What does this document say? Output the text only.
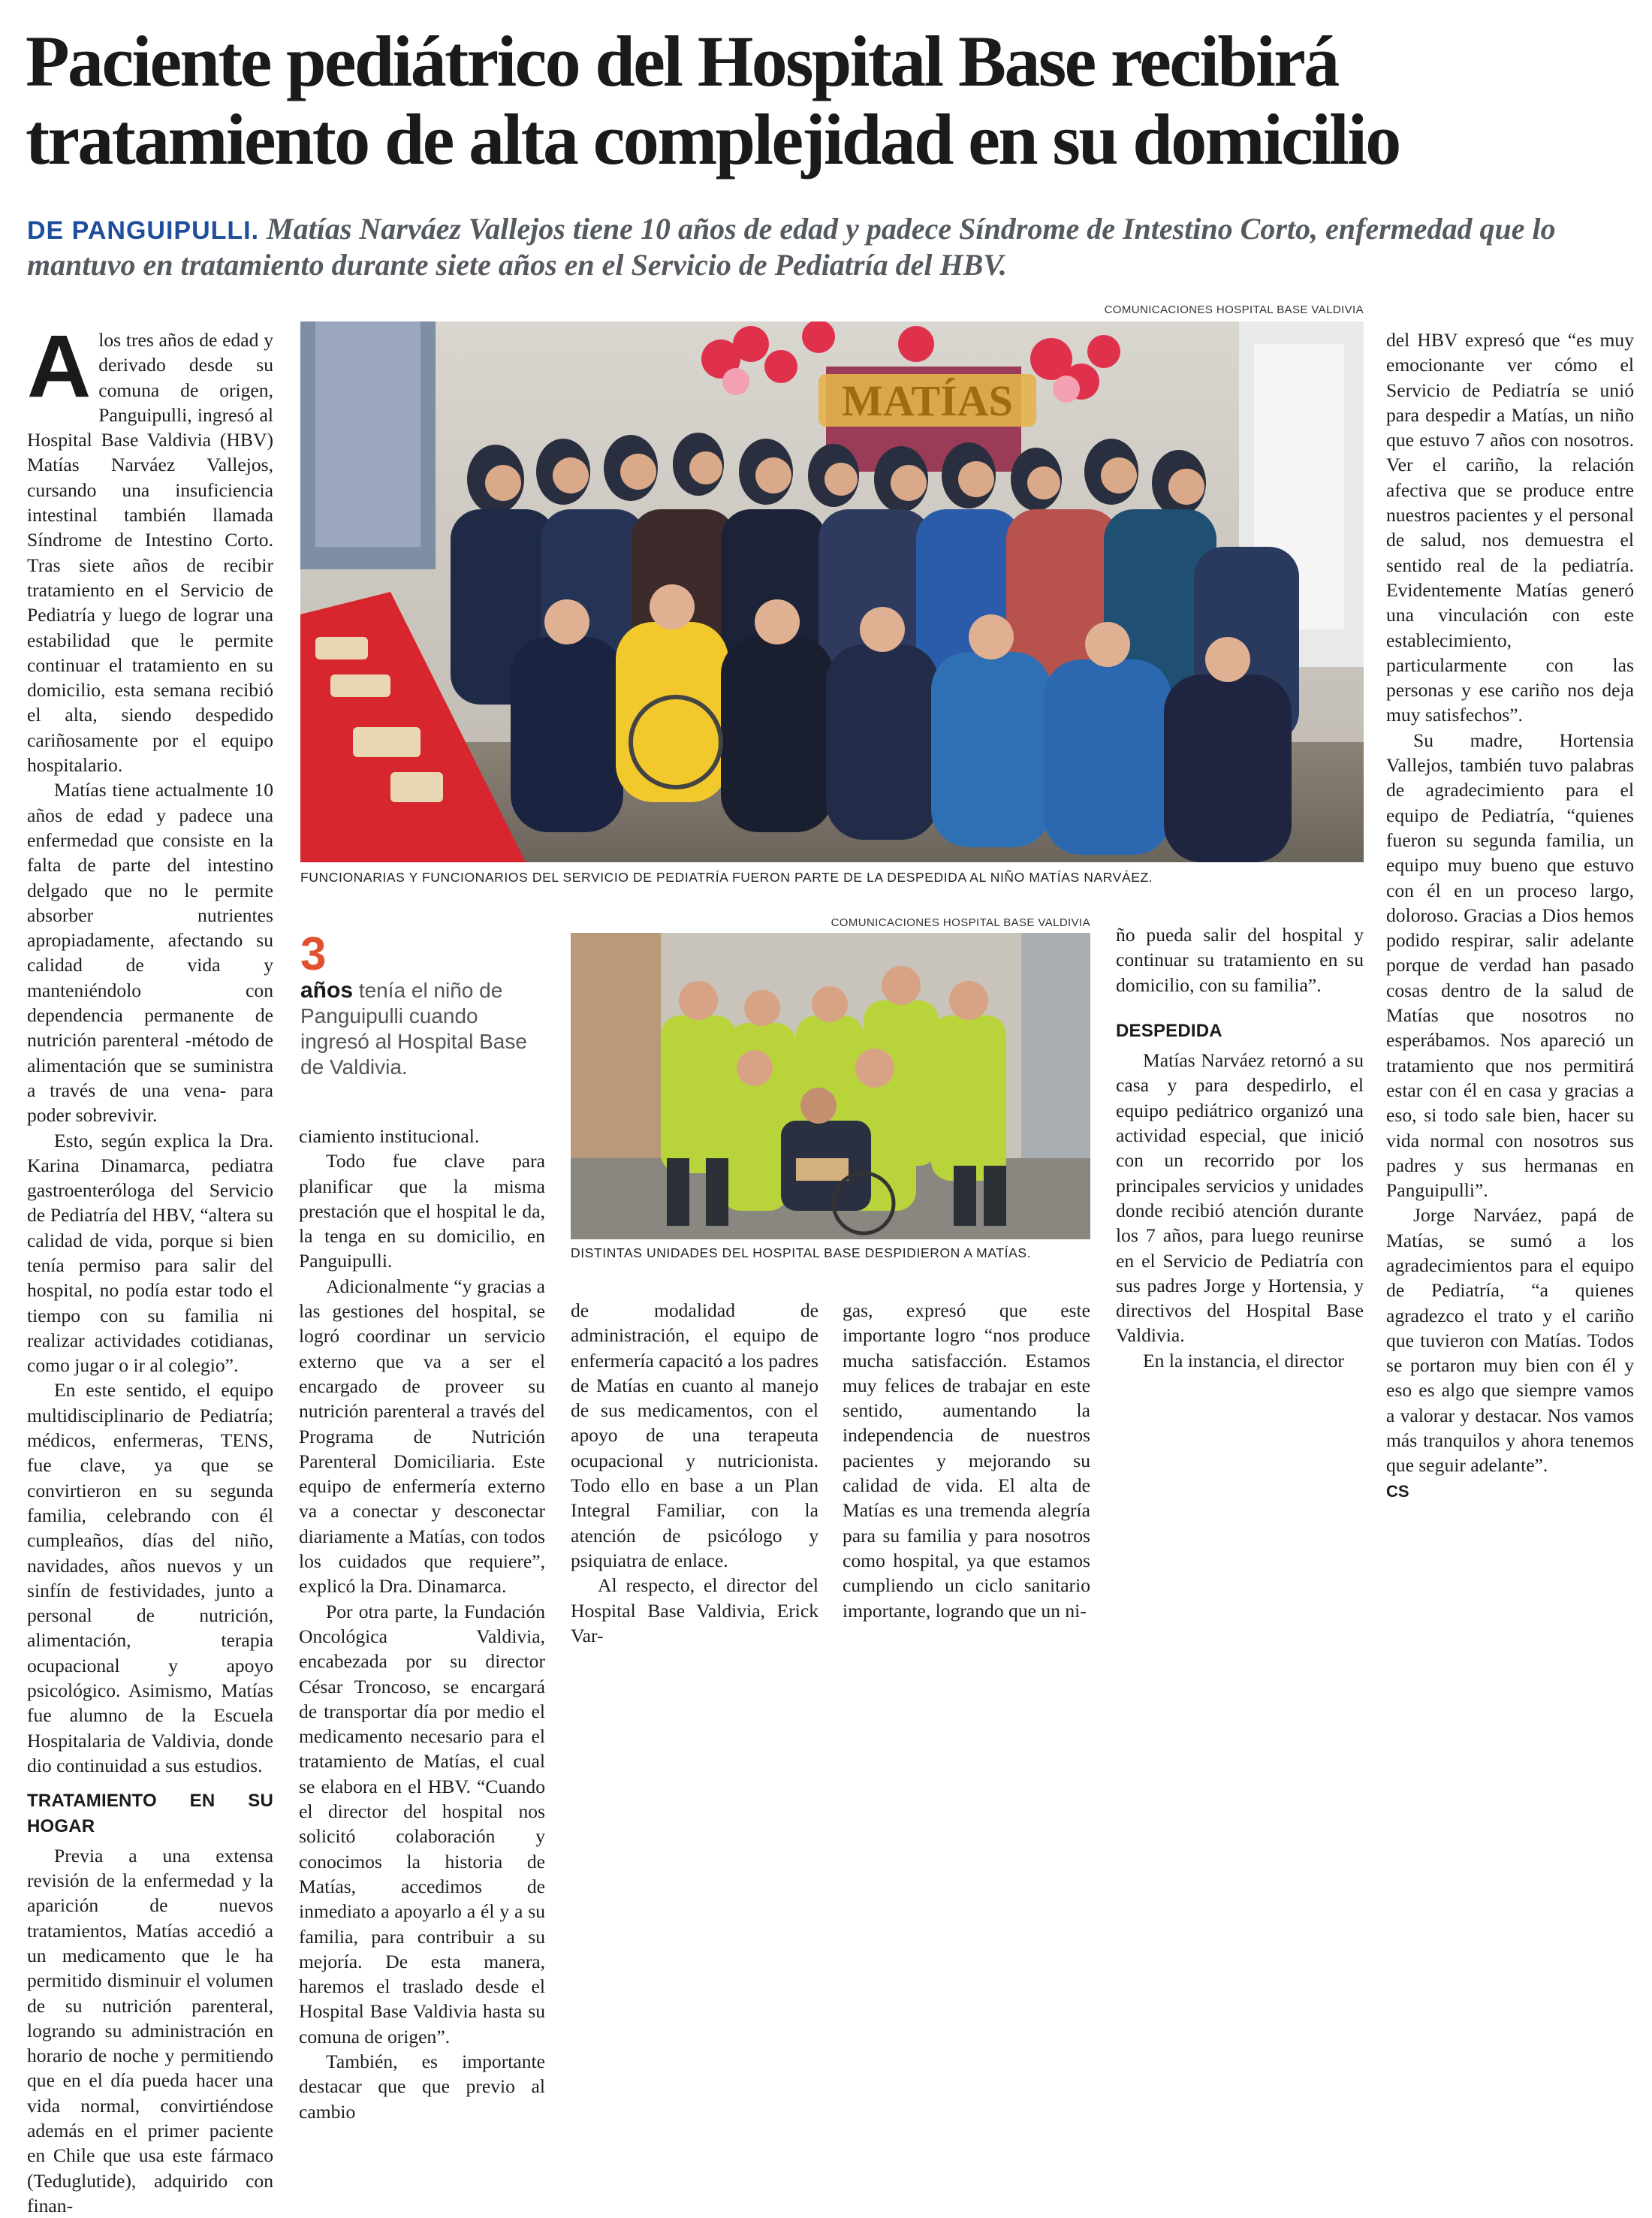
Paciente pediátrico del Hospital Base recibirá tratamiento de alta complejidad en su domicilio

DE PANGUIPULLI. Matías Narváez Vallejos tiene 10 años de edad y padece Síndrome de Intestino Corto, enfermedad que lo mantuvo en tratamiento durante siete años en el Servicio de Pediatría del HBV.

A los tres años de edad y derivado desde su comuna de origen, Panguipulli, ingresó al Hospital Base Valdivia (HBV) Matías Narváez Vallejos, cursando una insuficiencia intestinal también llamada Síndrome de Intestino Corto. Tras siete años de recibir tratamiento en el Servicio de Pediatría y luego de lograr una estabilidad que le permite continuar el tratamiento en su domicilio, esta semana recibió el alta, siendo despedido cariñosamente por el equipo hospitalario.

Matías tiene actualmente 10 años de edad y padece una enfermedad que consiste en la falta de parte del intestino delgado que no le permite absorber nutrientes apropiadamente, afectando su calidad de vida y manteniéndolo con dependencia permanente de nutrición parenteral -método de alimentación que se suministra a través de una vena- para poder sobrevivir.

Esto, según explica la Dra. Karina Dinamarca, pediatra gastroenteróloga del Servicio de Pediatría del HBV, “altera su calidad de vida, porque si bien tenía permiso para salir del hospital, no podía estar todo el tiempo con su familia ni realizar actividades cotidianas, como jugar o ir al colegio”.

En este sentido, el equipo multidisciplinario de Pediatría; médicos, enfermeras, TENS, fue clave, ya que se convirtieron en su segunda familia, celebrando con él cumpleaños, días del niño, navidades, años nuevos y un sinfín de festividades, junto a personal de nutrición, alimentación, terapia ocupacional y apoyo psicológico. Asimismo, Matías fue alumno de la Escuela Hospitalaria de Valdivia, donde dio continuidad a sus estudios.

TRATAMIENTO EN SU HOGAR

Previa a una extensa revisión de la enfermedad y la aparición de nuevos tratamientos, Matías accedió a un medicamento que le ha permitido disminuir el volumen de su nutrición parenteral, logrando su administración en horario de noche y permitiendo que en el día pueda hacer una vida normal, convirtiéndose además en el primer paciente en Chile que usa este fármaco (Teduglutide), adquirido con finan-

COMUNICACIONES HOSPITAL BASE VALDIVIA
MATÍAS
FUNCIONARIAS Y FUNCIONARIOS DEL SERVICIO DE PEDIATRÍA FUERON PARTE DE LA DESPEDIDA AL NIÑO MATÍAS NARVÁEZ.
3
años tenía el niño de Panguipulli cuando ingresó al Hospital Base de Valdivia.
COMUNICACIONES HOSPITAL BASE VALDIVIA
DISTINTAS UNIDADES DEL HOSPITAL BASE DESPIDIERON A MATÍAS.

ciamiento institucional.

Todo fue clave para planificar que la misma prestación que el hospital le da, la tenga en su domicilio, en Panguipulli.

Adicionalmente “y gracias a las gestiones del hospital, se logró coordinar un servicio externo que va a ser el encargado de proveer su nutrición parenteral a través del Programa de Nutrición Parenteral Domiciliaria. Este equipo de enfermería externo va a conectar y desconectar diariamente a Matías, con todos los cuidados que requiere”, explicó la Dra. Dinamarca.

Por otra parte, la Fundación Oncológica Valdivia, encabezada por su director César Troncoso, se encargará de transportar día por medio el medicamento necesario para el tratamiento de Matías, el cual se elabora en el HBV. “Cuando el director del hospital nos solicitó colaboración y conocimos la historia de Matías, accedimos de inmediato a apoyarlo a él y a su familia, para contribuir a su mejoría. De esta manera, haremos el traslado desde el Hospital Base Valdivia hasta su comuna de origen”.

También, es importante destacar que que previo al cambio

de modalidad de administración, el equipo de enfermería capacitó a los padres de Matías en cuanto al manejo de sus medicamentos, con el apoyo de una terapeuta ocupacional y nutricionista. Todo ello en base a un Plan Integral Familiar, con la atención de psicólogo y psiquiatra de enlace.

Al respecto, el director del Hospital Base Valdivia, Erick Var-

gas, expresó que este importante logro “nos produce mucha satisfacción. Estamos muy felices de trabajar en este sentido, aumentando la independencia de nuestros pacientes y mejorando su calidad de vida. El alta de Matías es una tremenda alegría para su familia y para nosotros como hospital, ya que estamos cumpliendo un ciclo sanitario importante, logrando que un ni-

ño pueda salir del hospital y continuar su tratamiento en su domicilio, con su familia”.

DESPEDIDA

Matías Narváez retornó a su casa y para despedirlo, el equipo pediátrico organizó una actividad especial, que inició con un recorrido por los principales servicios y unidades donde recibió atención durante los 7 años, para luego reunirse en el Servicio de Pediatría con sus padres Jorge y Hortensia, y directivos del Hospital Base Valdivia.

En la instancia, el director

del HBV expresó que “es muy emocionante ver cómo el Servicio de Pediatría se unió para despedir a Matías, un niño que estuvo 7 años con nosotros. Ver el cariño, la relación afectiva que se produce entre nuestros pacientes y el personal de salud, nos demuestra el sentido real de la pediatría. Evidentemente Matías generó una vinculación con este establecimiento, particularmente con las personas y ese cariño nos deja muy satisfechos”.

Su madre, Hortensia Vallejos, también tuvo palabras de agradecimiento para el equipo de Pediatría, “quienes fueron su segunda familia, un equipo muy bueno que estuvo con él en un proceso largo, doloroso. Gracias a Dios hemos podido respirar, salir adelante porque de verdad han pasado cosas dentro de la salud de Matías que nosotros no esperábamos. Nos apareció un tratamiento que nos permitirá estar con él en casa y gracias a eso, si todo sale bien, hacer su vida normal con nosotros sus padres y sus hermanas en Panguipulli”.

Jorge Narváez, papá de Matías, se sumó a los agradecimientos para el equipo de Pediatría, “a quienes agradezco el trato y el cariño que tuvieron con Matías. Todos se portaron muy bien con él y eso es algo que siempre vamos a valorar y destacar. Nos vamos más tranquilos y ahora tenemos que seguir adelante”.

CS
